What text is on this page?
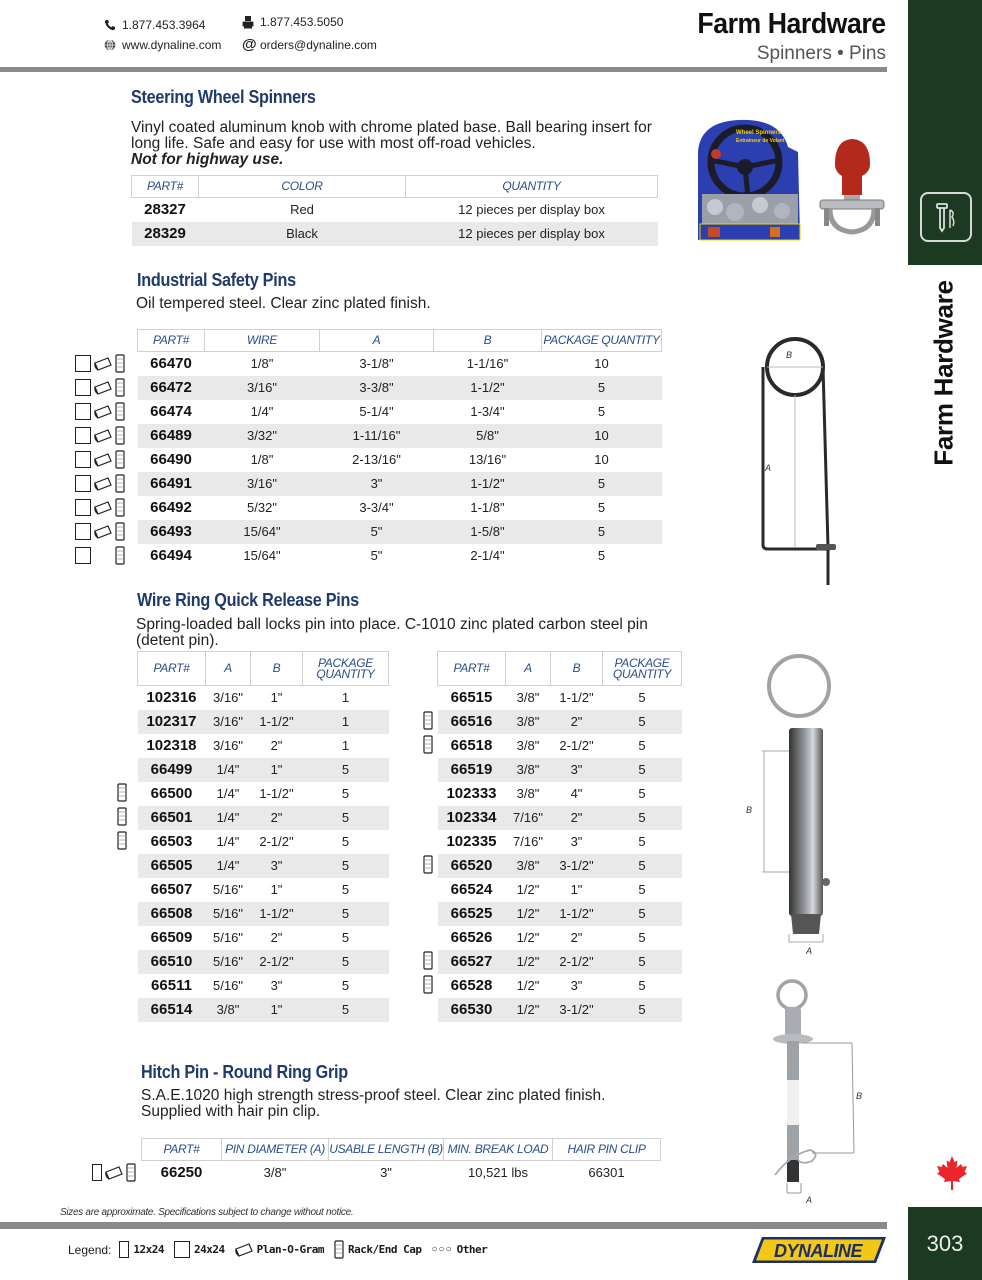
1.877.453.3964	1.877.453.5050
www.dynaline.com @ orders@dynaline.com
Farm Hardware
Spinners • Pins
Farm Hardware
Steering Wheel Spinners
Vinyl coated aluminum knob with chrome plated base. Ball bearing insert for long life. Safe and easy for use with most off-road vehicles.
Not for highway use.
PART#	COLOR	QUANTITY
28327	Red	12 pieces per display box
28329	Black	12 pieces per display box
Wheel Spinners
Entraineur de Volant
Industrial Safety Pins
Oil tempered steel. Clear zinc plated finish.
PART#	WIRE	A	B	PACKAGE QUANTITY
66470	1/8"	3-1/8"	1-1/16"	10
66472	3/16"	3-3/8"	1-1/2"	5
66474	1/4"	5-1/4"	1-3/4"	5
66489	3/32"	1-11/16"	5/8"	10
66490	1/8"	2-13/16"	13/16"	10
66491	3/16"	3"	1-1/2"	5
66492	5/32"	3-3/4"	1-1/8"	5
66493	15/64"	5"	1-5/8"	5
66494	15/64"	5"	2-1/4"	5
B
A
Wire Ring Quick Release Pins
Spring-loaded ball locks pin into place. C-1010 zinc plated carbon steel pin (detent pin).
PART#	A	B	PACKAGE QUANTITY
102316	3/16"	1"	1
102317	3/16"	1-1/2"	1
102318	3/16"	2"	1
66499	1/4"	1"	5
66500	1/4"	1-1/2"	5
66501	1/4"	2"	5
66503	1/4"	2-1/2"	5
66505	1/4"	3"	5
66507	5/16"	1"	5
66508	5/16"	1-1/2"	5
66509	5/16"	2"	5
66510	5/16"	2-1/2"	5
66511	5/16"	3"	5
66514	3/8"	1"	5
PART#	A	B	PACKAGE QUANTITY
66515	3/8"	1-1/2"	5
66516	3/8"	2"	5
66518	3/8"	2-1/2"	5
66519	3/8"	3"	5
102333	3/8"	4"	5
102334	7/16"	2"	5
102335	7/16"	3"	5
66520	3/8"	3-1/2"	5
66524	1/2"	1"	5
66525	1/2"	1-1/2"	5
66526	1/2"	2"	5
66527	1/2"	2-1/2"	5
66528	1/2"	3"	5
66530	1/2"	3-1/2"	5
B
A
Hitch Pin - Round Ring Grip
S.A.E.1020 high strength stress-proof steel. Clear zinc plated finish. Supplied with hair pin clip.
PART#	PIN DIAMETER (A)	USABLE LENGTH (B)	MIN. BREAK LOAD	HAIR PIN CLIP
66250	3/8"	3"	10,521 lbs	66301
B
A
Sizes are approximate. Specifications subject to change without notice.
Legend: 12x24	24x24	Plan-O-Gram Rack/End Cap ○○○ Other	DYNALINE	303
